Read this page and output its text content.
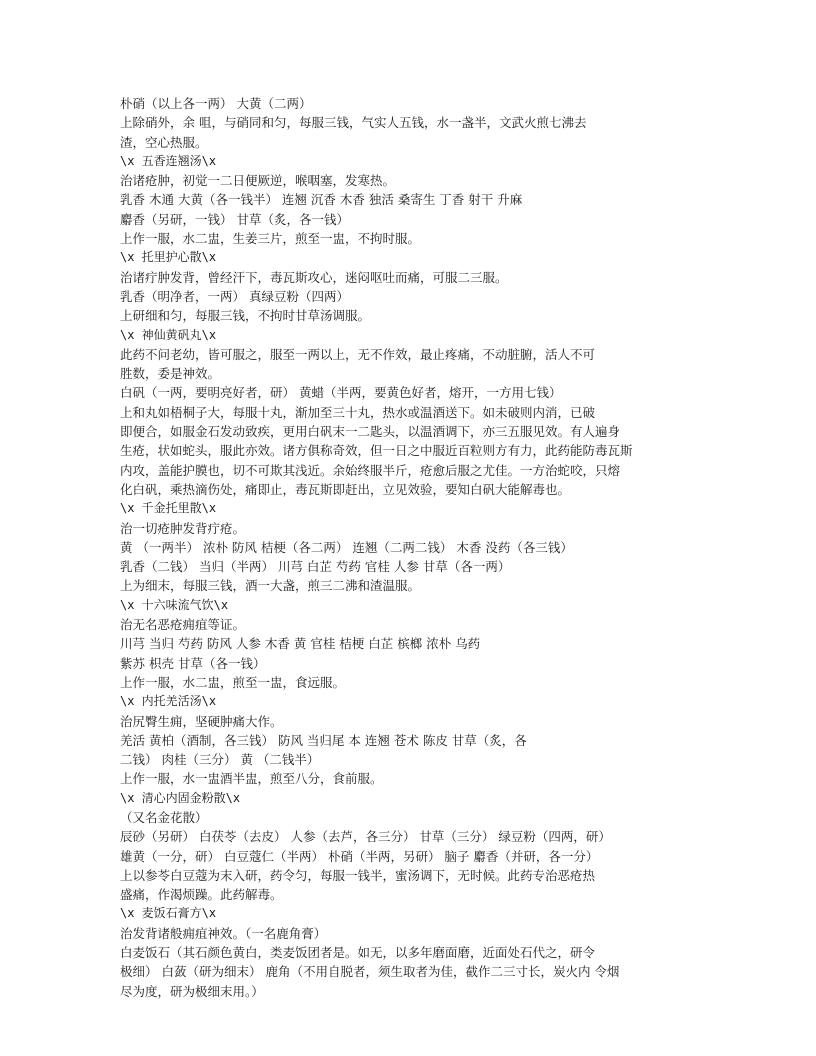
朴硝（以上各一两） 大黄（二两）
上除硝外，余 咀，与硝同和匀，每服三钱，气实人五钱，水一盏半，文武火煎七沸去
渣，空心热服。
\x 五香连翘汤\x
治诸疮肿，初觉一二日便厥逆，喉咽塞，发寒热。
乳香 木通 大黄（各一钱半） 连翘 沉香 木香 独活 桑寄生 丁香 射干 升麻
麝香（另研，一钱） 甘草（炙，各一钱）
上作一服，水二盅，生姜三片，煎至一盅，不拘时服。
\x 托里护心散\x
治诸疔肿发背，曾经汗下，毒瓦斯攻心，迷闷呕吐而痛，可服二三服。
乳香（明净者，一两） 真绿豆粉（四两）
上研细和匀，每服三钱，不拘时甘草汤调服。
\x 神仙黄矾丸\x
此药不问老幼，皆可服之，服至一两以上，无不作效，最止疼痛，不动脏腑，活人不可
胜数，委是神效。
白矾（一两，要明亮好者，研） 黄蜡（半两，要黄色好者，熔开，一方用七钱）
上和丸如梧桐子大，每服十丸，渐加至三十丸，热水或温酒送下。如未破则内消，已破
即便合，如服金石发动致疾，更用白矾末一二匙头，以温酒调下，亦三五服见效。有人遍身
生疮，状如蛇头，服此亦效。诸方俱称奇效，但一日之中服近百粒则方有力，此药能防毒瓦斯
内攻，盖能护膜也，切不可欺其浅近。余始终服半斤，疮愈后服之尤佳。一方治蛇咬，只熔
化白矾，乘热滴伤处，痛即止，毒瓦斯即赶出，立见效验，要知白矾大能解毒也。
\x 千金托里散\x
治一切疮肿发背疔疮。
黄 （一两半） 浓朴 防风 桔梗（各二两） 连翘（二两二钱） 木香 没药（各三钱）
乳香（二钱） 当归（半两） 川芎 白芷 芍药 官桂 人参 甘草（各一两）
上为细末，每服三钱，酒一大盏，煎三二沸和渣温服。
\x 十六味流气饮\x
治无名恶疮痈疽等证。
川芎 当归 芍药 防风 人参 木香 黄 官桂 桔梗 白芷 槟榔 浓朴 乌药
紫苏 枳壳 甘草（各一钱）
上作一服，水二盅，煎至一盅，食远服。
\x 内托羌活汤\x
治尻臀生痈，坚硬肿痛大作。
羌活 黄柏（酒制，各三钱） 防风 当归尾 本 连翘 苍术 陈皮 甘草（炙，各
二钱） 肉桂（三分） 黄 （二钱半）
上作一服，水一盅酒半盅，煎至八分，食前服。
\x 清心内固金粉散\x
（又名金花散）
辰砂（另研） 白茯苓（去皮） 人参（去芦，各三分） 甘草（三分） 绿豆粉（四两，研）
雄黄（一分，研） 白豆蔻仁（半两） 朴硝（半两，另研） 脑子 麝香（并研，各一分）
上以参苓白豆蔻为末入研，药令匀，每服一钱半，蜜汤调下，无时候。此药专治恶疮热
盛痛，作渴烦躁。此药解毒。
\x 麦饭石膏方\x
治发背诸般痈疽神效。（一名鹿角膏）
白麦饭石（其石颜色黄白，类麦饭团者是。如无，以多年磨面磨，近面处石代之，研令
极细） 白蔹（研为细末） 鹿角（不用自脱者，须生取者为佳，截作二三寸长，炭火内 令烟
尽为度，研为极细末用。）
